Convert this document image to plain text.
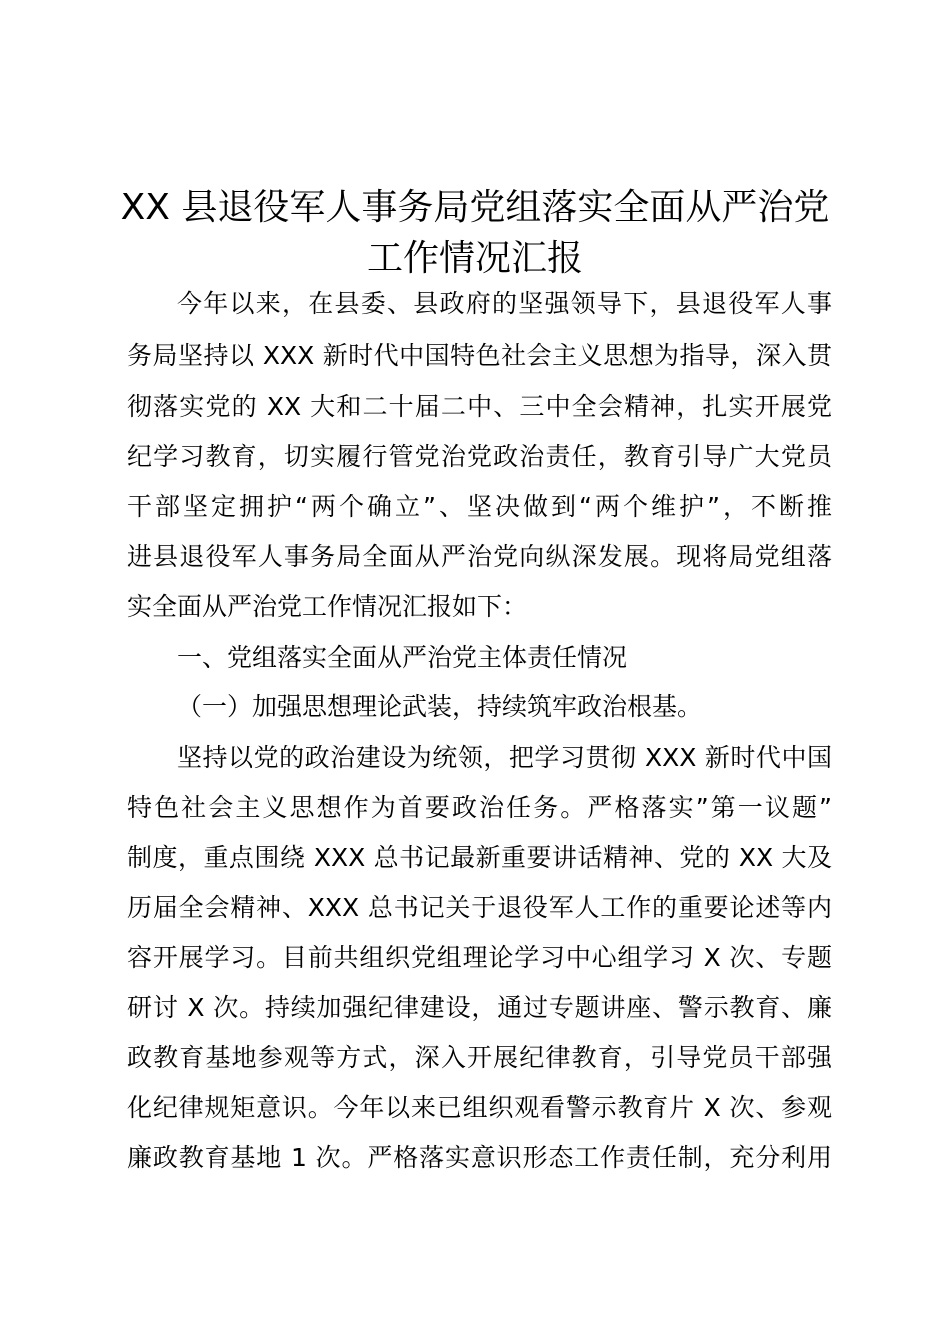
XX 县退役军人事务局党组落实全面从严治党
工作情况汇报
今年以来，在县委、县政府的坚强领导下，县退役军人事
务局坚持以 XXX 新时代中国特色社会主义思想为指导，深入贯
彻落实党的 XX 大和二十届二中、三中全会精神，扎实开展党
纪学习教育，切实履行管党治党政治责任，教育引导广大党员
干部坚定拥护“两个确立”、坚决做到“两个维护”，不断推
进县退役军人事务局全面从严治党向纵深发展。现将局党组落
实全面从严治党工作情况汇报如下：
一、党组落实全面从严治党主体责任情况
（一）加强思想理论武装，持续筑牢政治根基。
坚持以党的政治建设为统领，把学习贯彻 XXX 新时代中国
特色社会主义思想作为首要政治任务。严格落实”第一议题”
制度，重点围绕 XXX 总书记最新重要讲话精神、党的 XX 大及
历届全会精神、XXX 总书记关于退役军人工作的重要论述等内
容开展学习。目前共组织党组理论学习中心组学习 X 次、专题
研讨 X 次。持续加强纪律建设，通过专题讲座、警示教育、廉
政教育基地参观等方式，深入开展纪律教育，引导党员干部强
化纪律规矩意识。今年以来已组织观看警示教育片 X 次、参观
廉政教育基地 1 次。严格落实意识形态工作责任制，充分利用
